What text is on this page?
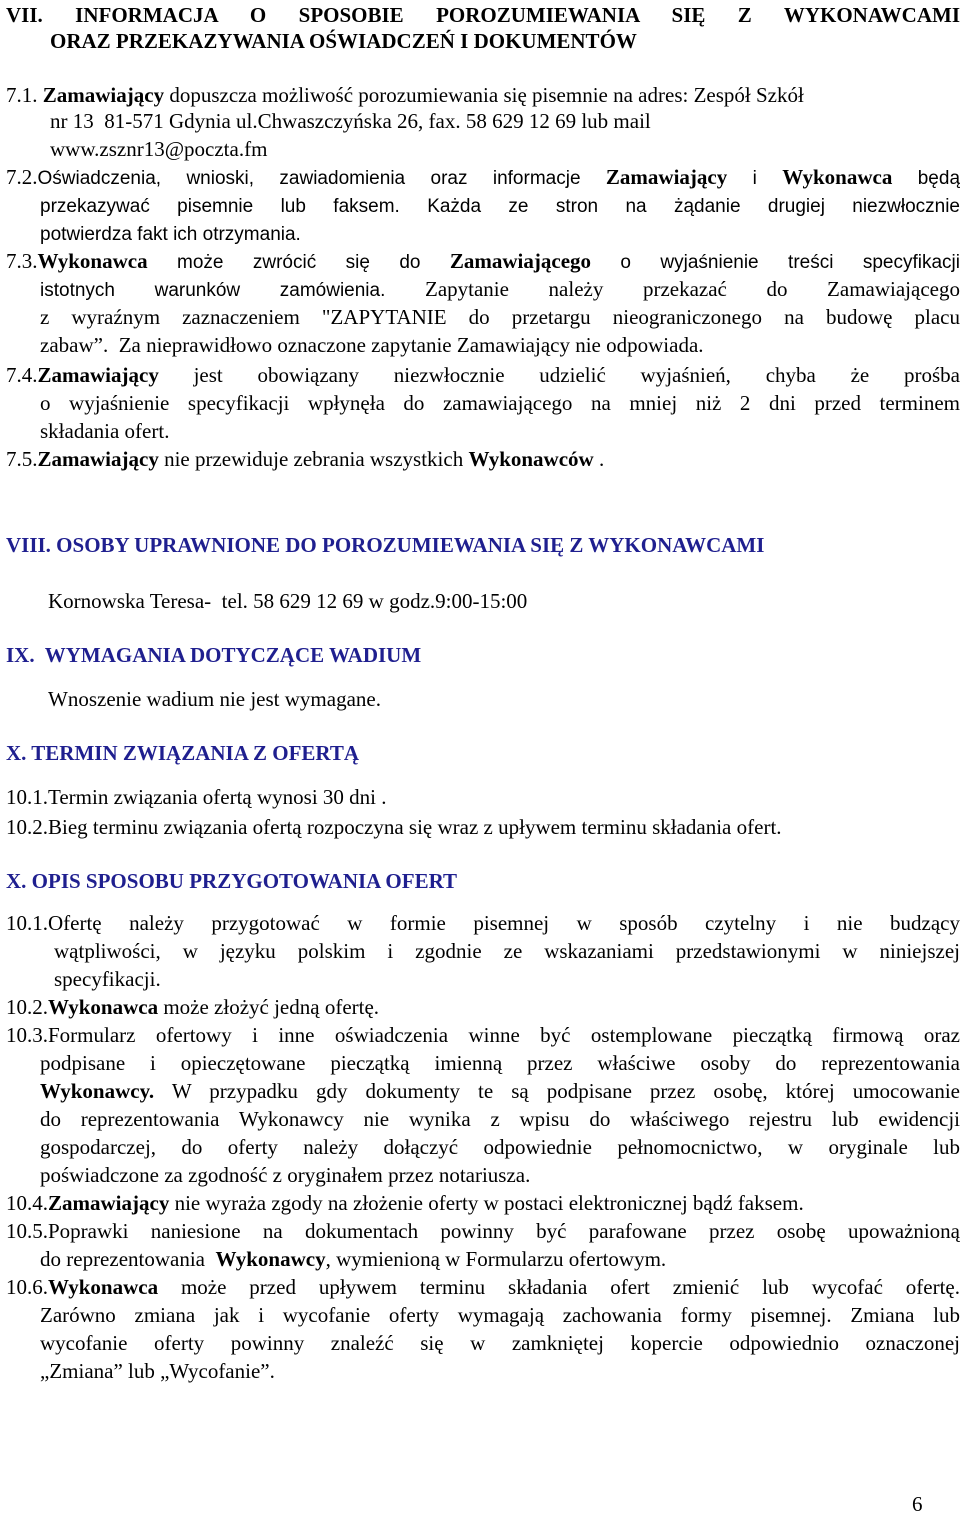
VII. INFORMACJA O SPOSOBIE POROZUMIEWANIA SIĘ Z WYKONAWCAMI
ORAZ PRZEKAZYWANIA OŚWIADCZEŃ I DOKUMENTÓW
7.1. Zamawiający dopuszcza możliwość porozumiewania się pisemnie na adres: Zespół Szkół
nr 13  81-571 Gdynia ul.Chwaszczyńska 26, fax. 58 629 12 69 lub mail
www.zsznr13@poczta.fm
7.2.Oświadczenia, wnioski, zawiadomienia oraz informacje Zamawiający i Wykonawca będą
przekazywać pisemnie lub faksem. Każda ze stron na żądanie drugiej niezwłocznie
potwierdza fakt ich otrzymania.
7.3.Wykonawca może zwrócić się do Zamawiającego o wyjaśnienie treści specyfikacji
istotnych warunków zamówienia. Zapytanie należy przekazać do Zamawiającego
z wyraźnym zaznaczeniem "ZAPYTANIE do przetargu nieograniczonego na budowę placu
zabaw”.  Za nieprawidłowo oznaczone zapytanie Zamawiający nie odpowiada.
7.4.Zamawiający jest obowiązany niezwłocznie udzielić wyjaśnień, chyba że prośba
o wyjaśnienie specyfikacji wpłynęła do zamawiającego na mniej niż 2 dni przed terminem
składania ofert.
7.5.Zamawiający nie przewiduje zebrania wszystkich Wykonawców .
VIII. OSOBY UPRAWNIONE DO POROZUMIEWANIA SIĘ Z WYKONAWCAMI
Kornowska Teresa-  tel. 58 629 12 69 w godz.9:00-15:00
IX.  WYMAGANIA DOTYCZĄCE WADIUM
Wnoszenie wadium nie jest wymagane.
X. TERMIN ZWIĄZANIA Z OFERTĄ
10.1.Termin związania ofertą wynosi 30 dni .
10.2.Bieg terminu związania ofertą rozpoczyna się wraz z upływem terminu składania ofert.
X. OPIS SPOSOBU PRZYGOTOWANIA OFERT
10.1.Ofertę należy przygotować w formie pisemnej w sposób czytelny i nie budzący
wątpliwości, w języku polskim i zgodnie ze wskazaniami przedstawionymi w niniejszej
specyfikacji.
10.2.Wykonawca może złożyć jedną ofertę.
10.3.Formularz ofertowy i inne oświadczenia winne być ostemplowane pieczątką firmową oraz
podpisane i opieczętowane pieczątką imienną przez właściwe osoby do reprezentowania
Wykonawcy. W przypadku gdy dokumenty te są podpisane przez osobę, której umocowanie
do reprezentowania Wykonawcy nie wynika z wpisu do właściwego rejestru lub ewidencji
gospodarczej, do oferty należy dołączyć odpowiednie pełnomocnictwo, w oryginale lub
poświadczone za zgodność z oryginałem przez notariusza.
10.4.Zamawiający nie wyraża zgody na złożenie oferty w postaci elektronicznej bądź faksem.
10.5.Poprawki naniesione na dokumentach powinny być parafowane przez osobę upoważnioną
do reprezentowania  Wykonawcy, wymienioną w Formularzu ofertowym.
10.6.Wykonawca może przed upływem terminu składania ofert zmienić lub wycofać ofertę.
Zarówno zmiana jak i wycofanie oferty wymagają zachowania formy pisemnej. Zmiana lub
wycofanie oferty powinny znaleźć się w zamkniętej kopercie odpowiednio oznaczonej
„Zmiana” lub „Wycofanie”.
6
